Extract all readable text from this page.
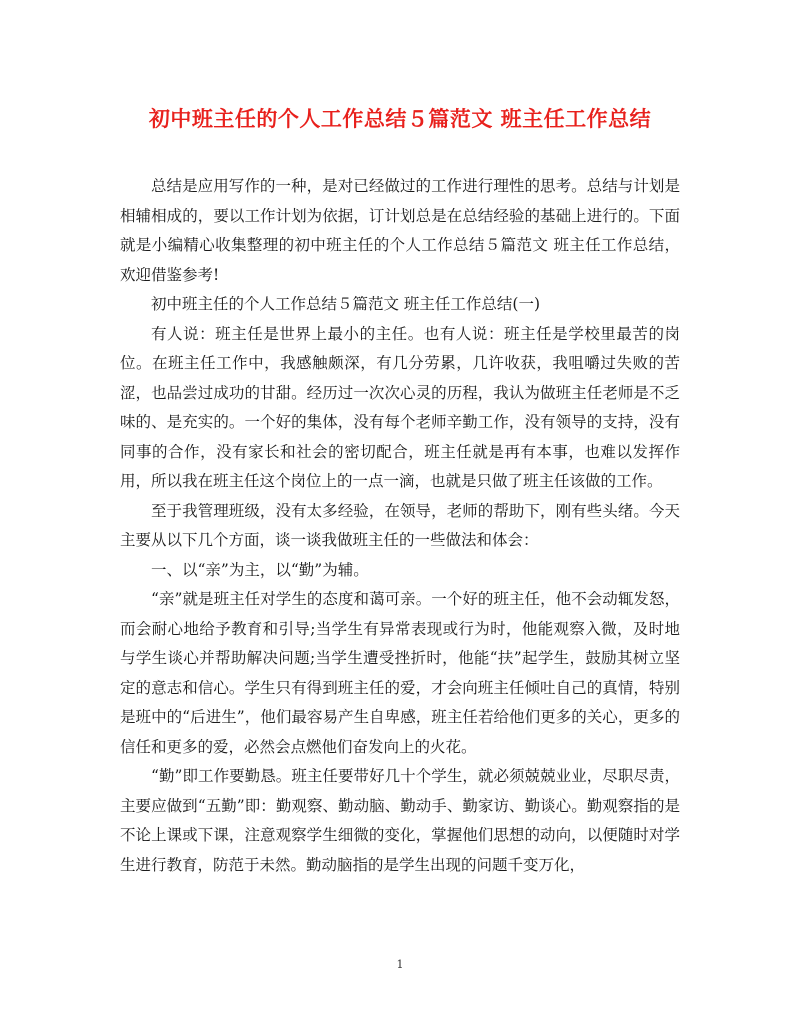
初中班主任的个人工作总结５篇范文 班主任工作总结

总结是应用写作的一种，是对已经做过的工作进行理性的思考。总结与计划是相辅相成的，要以工作计划为依据，订计划总是在总结经验的基础上进行的。下面就是小编精心收集整理的初中班主任的个人工作总结５篇范文 班主任工作总结，欢迎借鉴参考!

初中班主任的个人工作总结５篇范文 班主任工作总结(一)

有人说：班主任是世界上最小的主任。也有人说：班主任是学校里最苦的岗位。在班主任工作中，我感触颇深，有几分劳累，几许收获，我咀嚼过失败的苦涩，也品尝过成功的甘甜。经历过一次次心灵的历程，我认为做班主任老师是不乏味的、是充实的。一个好的集体，没有每个老师辛勤工作，没有领导的支持，没有同事的合作，没有家长和社会的密切配合，班主任就是再有本事，也难以发挥作用，所以我在班主任这个岗位上的一点一滴，也就是只做了班主任该做的工作。

至于我管理班级，没有太多经验，在领导，老师的帮助下，刚有些头绪。今天主要从以下几个方面，谈一谈我做班主任的一些做法和体会：

一、以“亲”为主，以“勤”为辅。

“亲”就是班主任对学生的态度和蔼可亲。一个好的班主任，他不会动辄发怒，而会耐心地给予教育和引导;当学生有异常表现或行为时，他能观察入微，及时地与学生谈心并帮助解决问题;当学生遭受挫折时，他能“扶”起学生，鼓励其树立坚定的意志和信心。学生只有得到班主任的爱，才会向班主任倾吐自己的真情，特别是班中的“后进生”，他们最容易产生自卑感，班主任若给他们更多的关心，更多的信任和更多的爱，必然会点燃他们奋发向上的火花。

“勤”即工作要勤恳。班主任要带好几十个学生，就必须兢兢业业，尽职尽责，主要应做到“五勤”即：勤观察、勤动脑、勤动手、勤家访、勤谈心。勤观察指的是不论上课或下课，注意观察学生细微的变化，掌握他们思想的动向，以便随时对学生进行教育，防范于未然。勤动脑指的是学生出现的问题千变万化，

1
